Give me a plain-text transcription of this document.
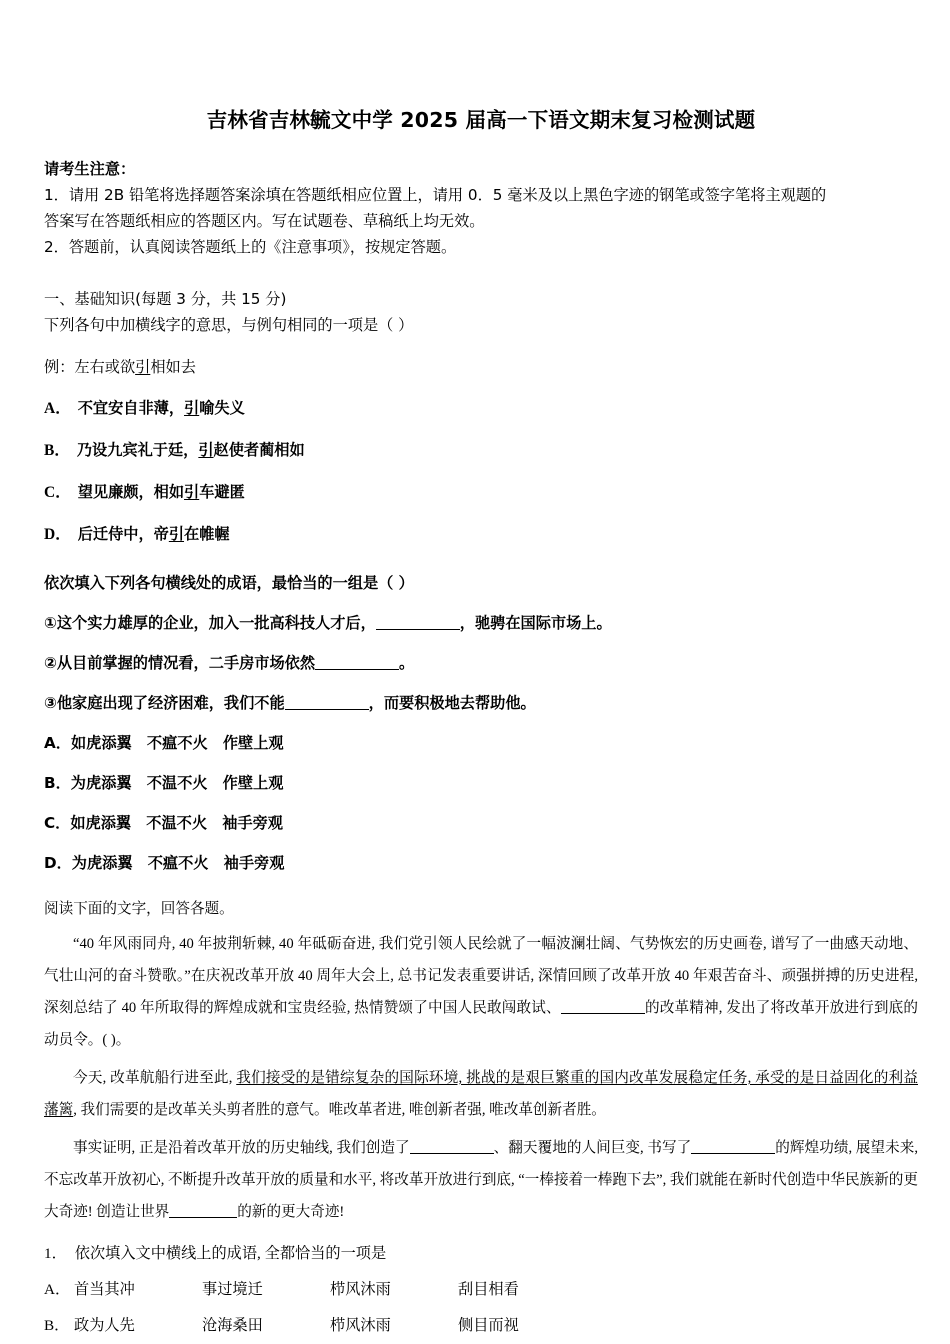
吉林省吉林毓文中学 2025 届高一下语文期末复习检测试题
请考生注意：
1．请用 2B 铅笔将选择题答案涂填在答题纸相应位置上，请用 0．5 毫米及以上黑色字迹的钢笔或签字笔将主观题的
答案写在答题纸相应的答题区内。写在试题卷、草稿纸上均无效。
2．答题前，认真阅读答题纸上的《注意事项》，按规定答题。
一、基础知识(每题 3 分，共 15 分)
下列各句中加横线字的意思，与例句相同的一项是（ ）
例：左右或欲引相如去
A． 不宜安自非薄，引喻失义
B． 乃设九宾礼于廷，引赵使者蔺相如
C． 望见廉颇，相如引车避匿
D． 后迁侍中，帝引在帷幄
依次填入下列各句横线处的成语，最恰当的一组是（ ）
①这个实力雄厚的企业，加入一批高科技人才后，	，驰骋在国际市场上。
②从目前掌握的情况看，二手房市场依然	。
③他家庭出现了经济困难，我们不能	，而要积极地去帮助他。
A．如虎添翼　不瘟不火　作壁上观
B．为虎添翼　不温不火　作壁上观
C．如虎添翼　不温不火　袖手旁观
D．为虎添翼　不瘟不火　袖手旁观
阅读下面的文字，回答各题。

“40 年风雨同舟, 40 年披荆斩棘, 40 年砥砺奋进, 我们党引领人民绘就了一幅波澜壮阔、气势恢宏的历史画卷, 谱写了一曲感天动地、气壮山河的奋斗赞歌。”在庆祝改革开放 40 周年大会上, 总书记发表重要讲话, 深情回顾了改革开放 40 年艰苦奋斗、顽强拼搏的历史进程, 深刻总结了 40 年所取得的辉煌成就和宝贵经验, 热情赞颂了中国人民敢闯敢试、	的改革精神, 发出了将改革开放进行到底的动员令。( )。

今天, 改革航船行进至此, 我们接受的是错综复杂的国际环境, 挑战的是艰巨繁重的国内改革发展稳定任务, 承受的是日益固化的利益藩篱, 我们需要的是改革关头剪者胜的意气。唯改革者进, 唯创新者强, 唯改革创新者胜。

事实证明, 正是沿着改革开放的历史轴线, 我们创造了	、翻天覆地的人间巨变, 书写了	的辉煌功绩, 展望未来, 不忘改革开放初心, 不断提升改革开放的质量和水平, 将改革开放进行到底, “一棒接着一棒跑下去”, 我们就能在新时代创造中华民族新的更大奇迹! 创造让世界	的新的更大奇迹!

1． 依次填入文中横线上的成语, 全都恰当的一项是
A． 首当其冲	事过境迁	栉风沐雨	刮目相看
B． 政为人先	沧海桑田	栉风沐雨	侧目而视
